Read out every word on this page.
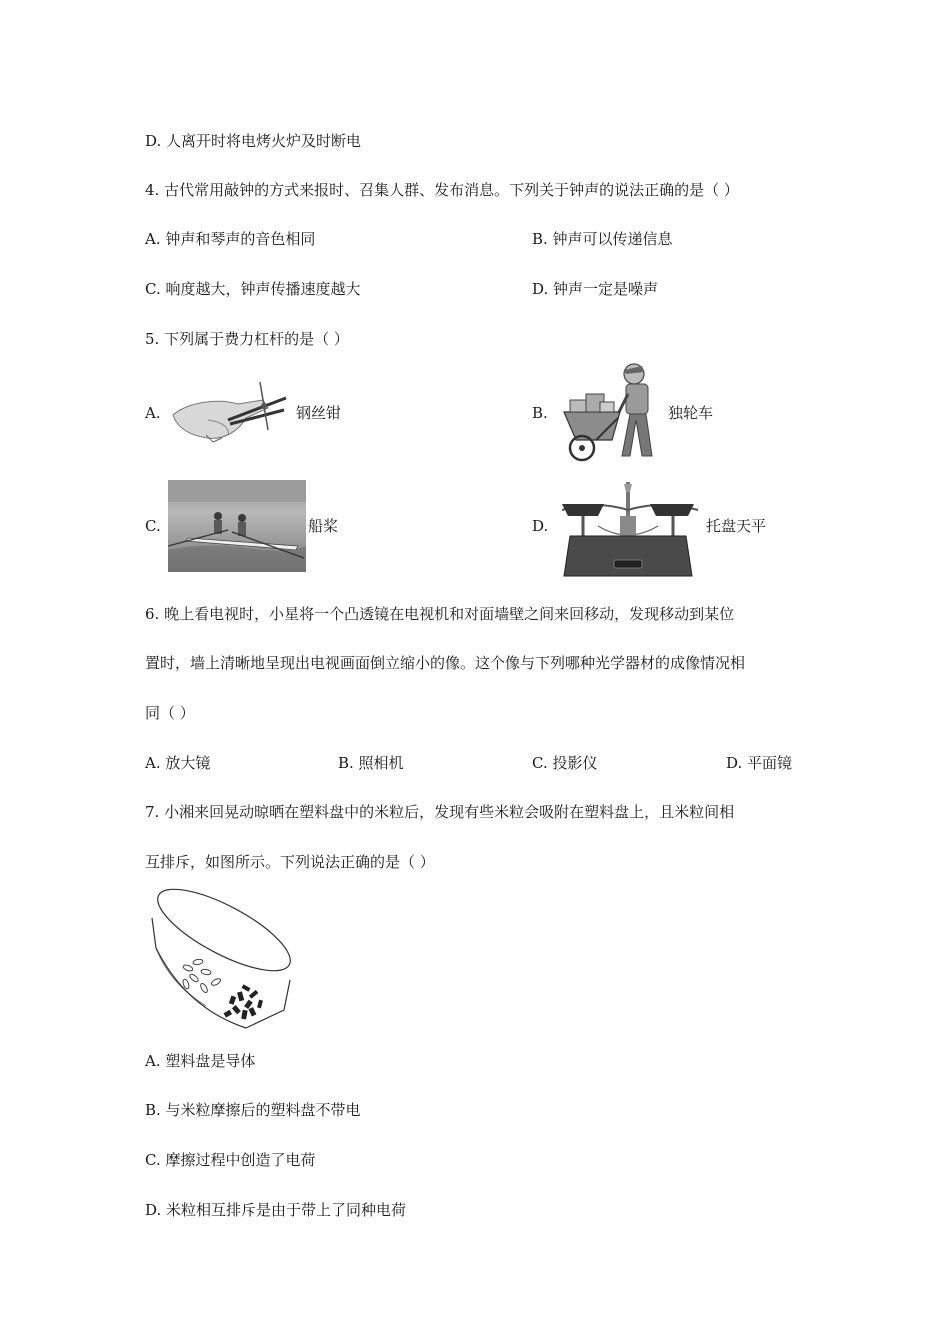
D. 人离开时将电烤火炉及时断电
4. 古代常用敲钟的方式来报时、召集人群、发布消息。下列关于钟声的说法正确的是（ ）
A. 钟声和琴声的音色相同	B. 钟声可以传递信息
C. 响度越大，钟声传播速度越大	D. 钟声一定是噪声
5. 下列属于费力杠杆的是（ ）
A.	钢丝钳	B.	独轮车
C.	船桨	D.	托盘天平
6. 晚上看电视时，小星将一个凸透镜在电视机和对面墙壁之间来回移动，发现移动到某位
置时，墙上清晰地呈现出电视画面倒立缩小的像。这个像与下列哪种光学器材的成像情况相
同（ ）
A. 放大镜	B. 照相机	C. 投影仪	D. 平面镜
7. 小湘来回晃动晾晒在塑料盘中的米粒后，发现有些米粒会吸附在塑料盘上，且米粒间相
互排斥，如图所示。下列说法正确的是（ ）
A. 塑料盘是导体
B. 与米粒摩擦后的塑料盘不带电
C. 摩擦过程中创造了电荷
D. 米粒相互排斥是由于带上了同种电荷
